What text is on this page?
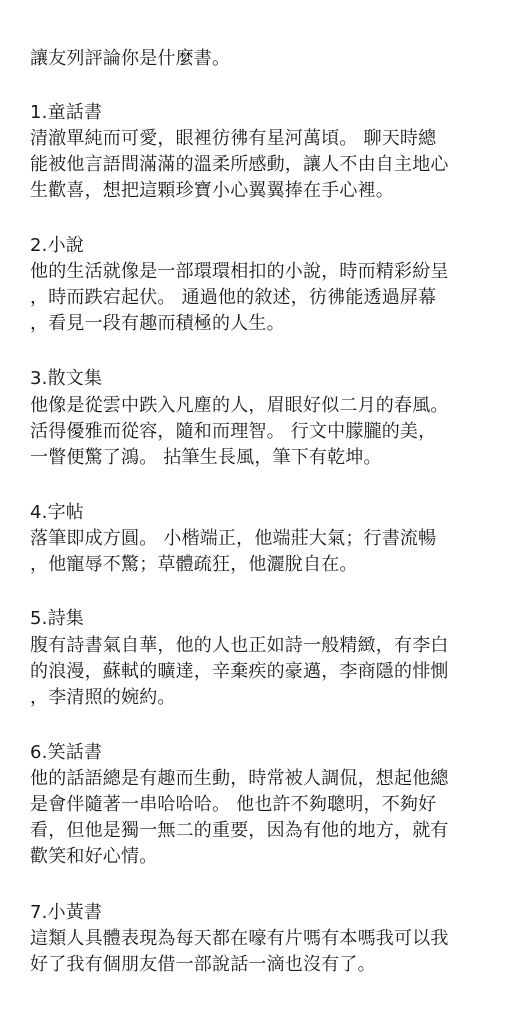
讓友列評論你是什麼書。
1.童話書
清澈單純而可愛，眼裡彷彿有星河萬頃。 聊天時總
能被他言語間滿滿的溫柔所感動，讓人不由自主地心
生歡喜，想把這顆珍寶小心翼翼捧在手心裡。
2.小說
他的生活就像是一部環環相扣的小說，時而精彩紛呈
，時而跌宕起伏。 通過他的敘述，彷彿能透過屏幕
，看見一段有趣而積極的人生。
3.散文集
他像是從雲中跌入凡塵的人，眉眼好似二月的春風。
活得優雅而從容，隨和而理智。 行文中朦朧的美，
一瞥便驚了鴻。 拈筆生長風，筆下有乾坤。
4.字帖
落筆即成方圓。 小楷端正，他端莊大氣；行書流暢
，他寵辱不驚；草體疏狂，他灑脫自在。
5.詩集
腹有詩書氣自華，他的人也正如詩一般精緻，有李白
的浪漫，蘇軾的曠達，辛棄疾的豪邁，李商隱的悱惻
，李清照的婉約。
6.笑話書
他的話語總是有趣而生動，時常被人調侃，想起他總
是會伴隨著一串哈哈哈。 他也許不夠聰明，不夠好
看，但他是獨一無二的重要，因為有他的地方，就有
歡笑和好心情。
7.小黃書
這類人具體表現為每天都在嚎有片嗎有本嗎我可以我
好了我有個朋友借一部說話一滴也沒有了。
